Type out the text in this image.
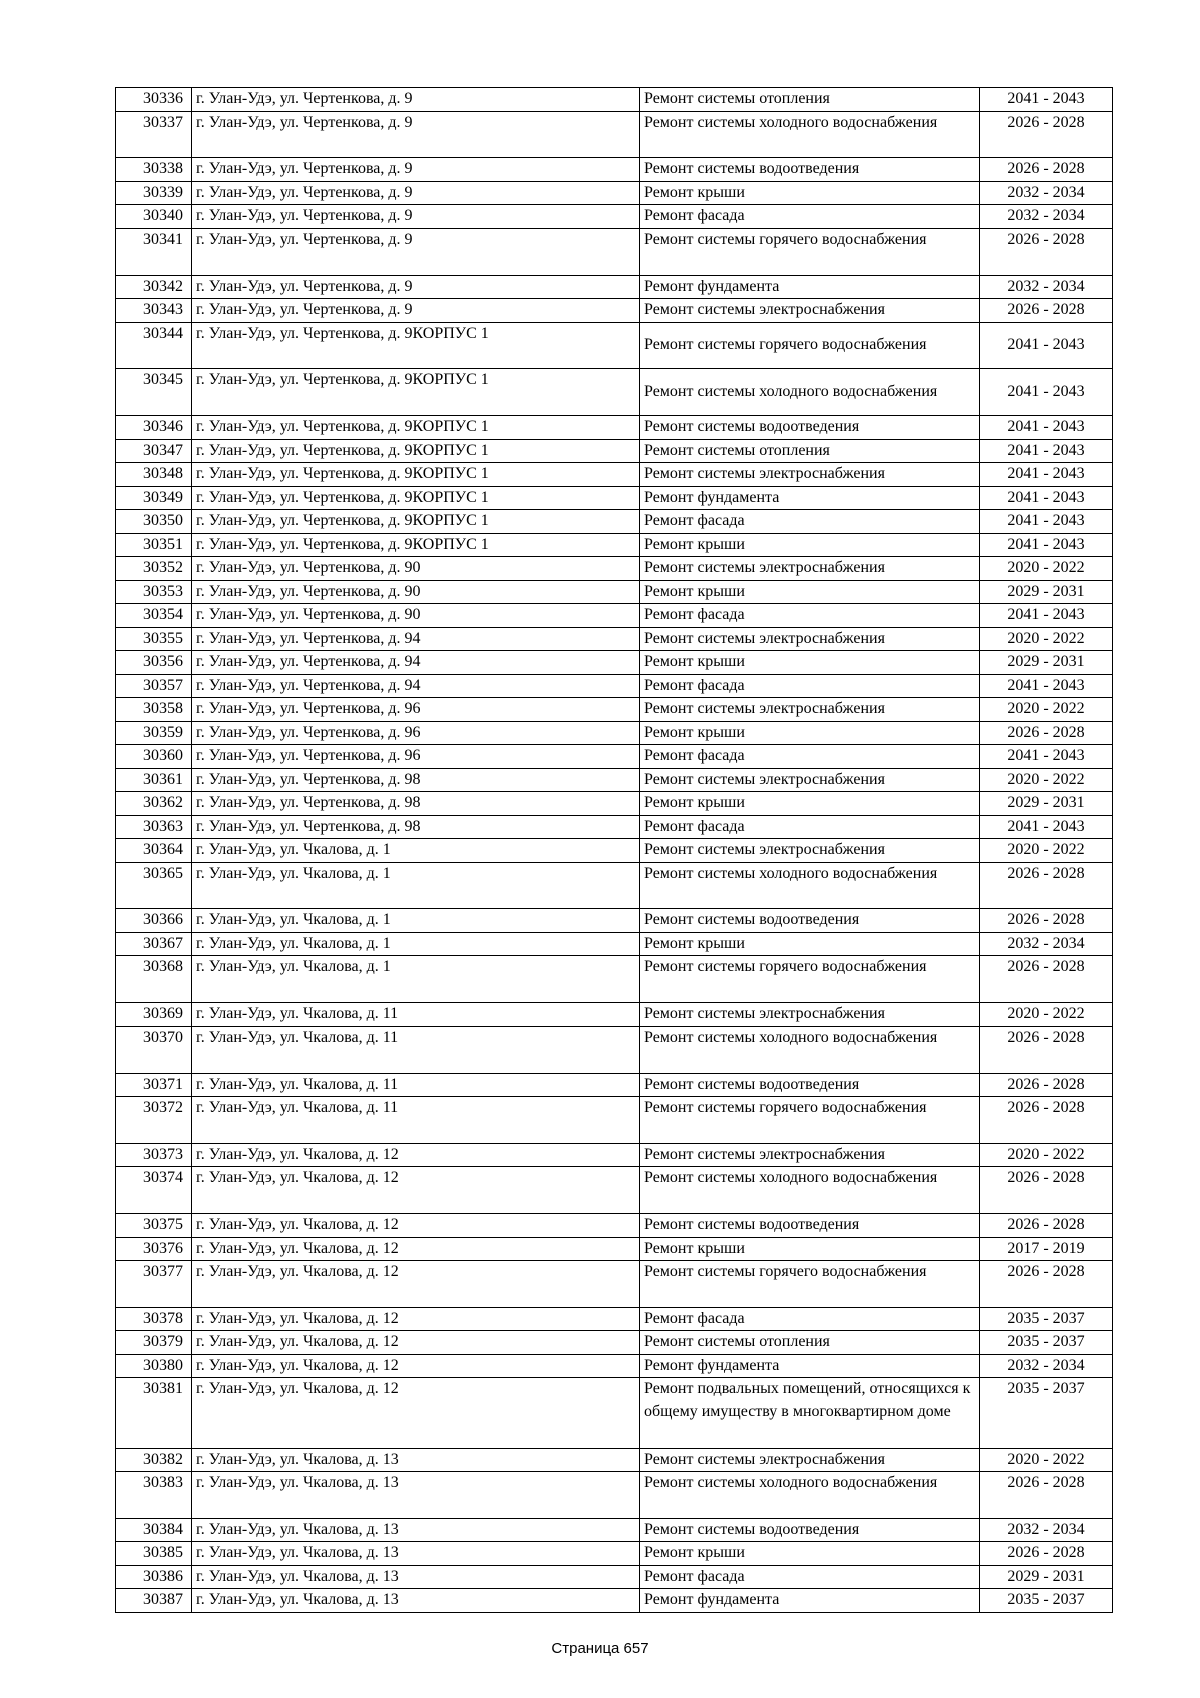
30336	г. Улан-Удэ, ул. Чертенкова, д. 9	Ремонт системы отопления	2041 - 2043
30337	г. Улан-Удэ, ул. Чертенкова, д. 9	Ремонт системы холодного водоснабжения	2026 - 2028
30338	г. Улан-Удэ, ул. Чертенкова, д. 9	Ремонт системы водоотведения	2026 - 2028
30339	г. Улан-Удэ, ул. Чертенкова, д. 9	Ремонт крыши	2032 - 2034
30340	г. Улан-Удэ, ул. Чертенкова, д. 9	Ремонт фасада	2032 - 2034
30341	г. Улан-Удэ, ул. Чертенкова, д. 9	Ремонт системы горячего водоснабжения	2026 - 2028
30342	г. Улан-Удэ, ул. Чертенкова, д. 9	Ремонт фундамента	2032 - 2034
30343	г. Улан-Удэ, ул. Чертенкова, д. 9	Ремонт системы электроснабжения	2026 - 2028
30344	г. Улан-Удэ, ул. Чертенкова, д. 9КОРПУС 1	Ремонт системы горячего водоснабжения	2041 - 2043
30345	г. Улан-Удэ, ул. Чертенкова, д. 9КОРПУС 1	Ремонт системы холодного водоснабжения	2041 - 2043
30346	г. Улан-Удэ, ул. Чертенкова, д. 9КОРПУС 1	Ремонт системы водоотведения	2041 - 2043
30347	г. Улан-Удэ, ул. Чертенкова, д. 9КОРПУС 1	Ремонт системы отопления	2041 - 2043
30348	г. Улан-Удэ, ул. Чертенкова, д. 9КОРПУС 1	Ремонт системы электроснабжения	2041 - 2043
30349	г. Улан-Удэ, ул. Чертенкова, д. 9КОРПУС 1	Ремонт фундамента	2041 - 2043
30350	г. Улан-Удэ, ул. Чертенкова, д. 9КОРПУС 1	Ремонт фасада	2041 - 2043
30351	г. Улан-Удэ, ул. Чертенкова, д. 9КОРПУС 1	Ремонт крыши	2041 - 2043
30352	г. Улан-Удэ, ул. Чертенкова, д. 90	Ремонт системы электроснабжения	2020 - 2022
30353	г. Улан-Удэ, ул. Чертенкова, д. 90	Ремонт крыши	2029 - 2031
30354	г. Улан-Удэ, ул. Чертенкова, д. 90	Ремонт фасада	2041 - 2043
30355	г. Улан-Удэ, ул. Чертенкова, д. 94	Ремонт системы электроснабжения	2020 - 2022
30356	г. Улан-Удэ, ул. Чертенкова, д. 94	Ремонт крыши	2029 - 2031
30357	г. Улан-Удэ, ул. Чертенкова, д. 94	Ремонт фасада	2041 - 2043
30358	г. Улан-Удэ, ул. Чертенкова, д. 96	Ремонт системы электроснабжения	2020 - 2022
30359	г. Улан-Удэ, ул. Чертенкова, д. 96	Ремонт крыши	2026 - 2028
30360	г. Улан-Удэ, ул. Чертенкова, д. 96	Ремонт фасада	2041 - 2043
30361	г. Улан-Удэ, ул. Чертенкова, д. 98	Ремонт системы электроснабжения	2020 - 2022
30362	г. Улан-Удэ, ул. Чертенкова, д. 98	Ремонт крыши	2029 - 2031
30363	г. Улан-Удэ, ул. Чертенкова, д. 98	Ремонт фасада	2041 - 2043
30364	г. Улан-Удэ, ул. Чкалова, д. 1	Ремонт системы электроснабжения	2020 - 2022
30365	г. Улан-Удэ, ул. Чкалова, д. 1	Ремонт системы холодного водоснабжения	2026 - 2028
30366	г. Улан-Удэ, ул. Чкалова, д. 1	Ремонт системы водоотведения	2026 - 2028
30367	г. Улан-Удэ, ул. Чкалова, д. 1	Ремонт крыши	2032 - 2034
30368	г. Улан-Удэ, ул. Чкалова, д. 1	Ремонт системы горячего водоснабжения	2026 - 2028
30369	г. Улан-Удэ, ул. Чкалова, д. 11	Ремонт системы электроснабжения	2020 - 2022
30370	г. Улан-Удэ, ул. Чкалова, д. 11	Ремонт системы холодного водоснабжения	2026 - 2028
30371	г. Улан-Удэ, ул. Чкалова, д. 11	Ремонт системы водоотведения	2026 - 2028
30372	г. Улан-Удэ, ул. Чкалова, д. 11	Ремонт системы горячего водоснабжения	2026 - 2028
30373	г. Улан-Удэ, ул. Чкалова, д. 12	Ремонт системы электроснабжения	2020 - 2022
30374	г. Улан-Удэ, ул. Чкалова, д. 12	Ремонт системы холодного водоснабжения	2026 - 2028
30375	г. Улан-Удэ, ул. Чкалова, д. 12	Ремонт системы водоотведения	2026 - 2028
30376	г. Улан-Удэ, ул. Чкалова, д. 12	Ремонт крыши	2017 - 2019
30377	г. Улан-Удэ, ул. Чкалова, д. 12	Ремонт системы горячего водоснабжения	2026 - 2028
30378	г. Улан-Удэ, ул. Чкалова, д. 12	Ремонт фасада	2035 - 2037
30379	г. Улан-Удэ, ул. Чкалова, д. 12	Ремонт системы отопления	2035 - 2037
30380	г. Улан-Удэ, ул. Чкалова, д. 12	Ремонт фундамента	2032 - 2034
30381	г. Улан-Удэ, ул. Чкалова, д. 12	Ремонт подвальных помещений, относящихся к общему имуществу в многоквартирном доме	2035 - 2037
30382	г. Улан-Удэ, ул. Чкалова, д. 13	Ремонт системы электроснабжения	2020 - 2022
30383	г. Улан-Удэ, ул. Чкалова, д. 13	Ремонт системы холодного водоснабжения	2026 - 2028
30384	г. Улан-Удэ, ул. Чкалова, д. 13	Ремонт системы водоотведения	2032 - 2034
30385	г. Улан-Удэ, ул. Чкалова, д. 13	Ремонт крыши	2026 - 2028
30386	г. Улан-Удэ, ул. Чкалова, д. 13	Ремонт фасада	2029 - 2031
30387	г. Улан-Удэ, ул. Чкалова, д. 13	Ремонт фундамента	2035 - 2037
Страница 657
